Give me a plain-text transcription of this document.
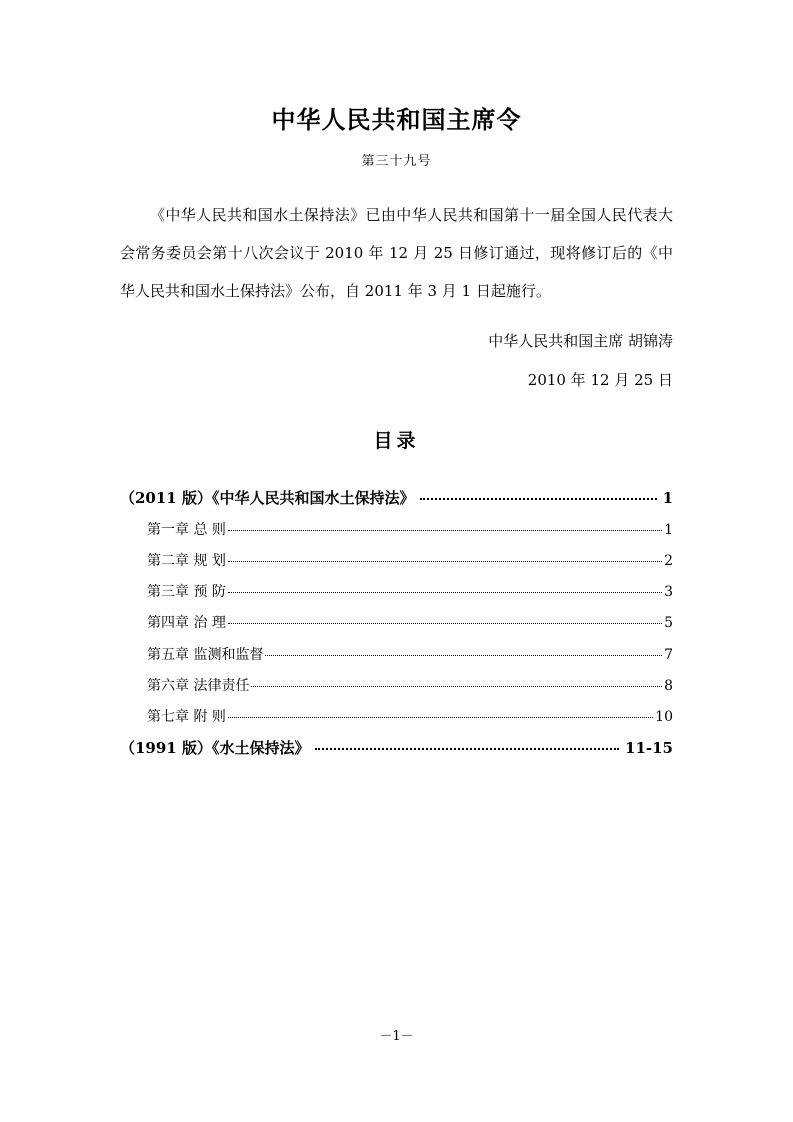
中华人民共和国主席令
第三十九号

《中华人民共和国水土保持法》已由中华人民共和国第十一届全国人民代表大会常务委员会第十八次会议于 2010 年 12 月 25 日修订通过，现将修订后的《中华人民共和国水土保持法》公布，自 2011 年 3 月 1 日起施行。

中华人民共和国主席 胡锦涛
2010 年 12 月 25 日
目录
（2011 版）《中华人民共和国水土保持法》	1
第一章 总 则	1
第二章 规 划	2
第三章 预 防	3
第四章 治 理	5
第五章 监测和监督	7
第六章 法律责任	8
第七章 附 则	10
（1991 版）《水土保持法》	11-15
－1－
